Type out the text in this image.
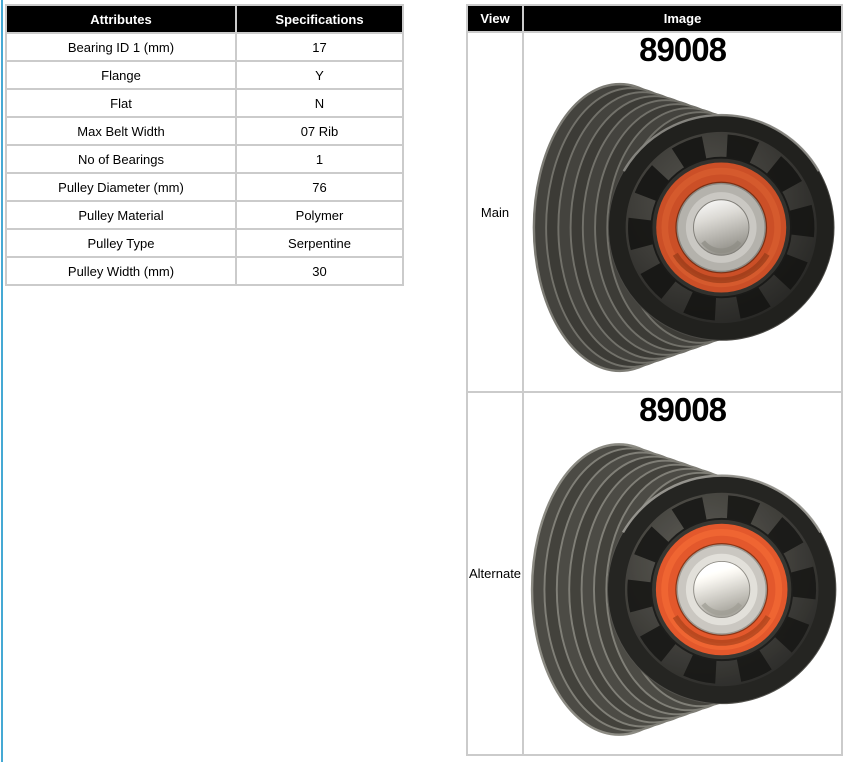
Attributes	Specifications
Bearing ID 1 (mm)	17
Flange	Y
Flat	N
Max Belt Width	07 Rib
No of Bearings	1
Pulley Diameter (mm)	76
Pulley Material	Polymer
Pulley Type	Serpentine
Pulley Width (mm)	30
View	Image
Main	89008

Alternate	89008
